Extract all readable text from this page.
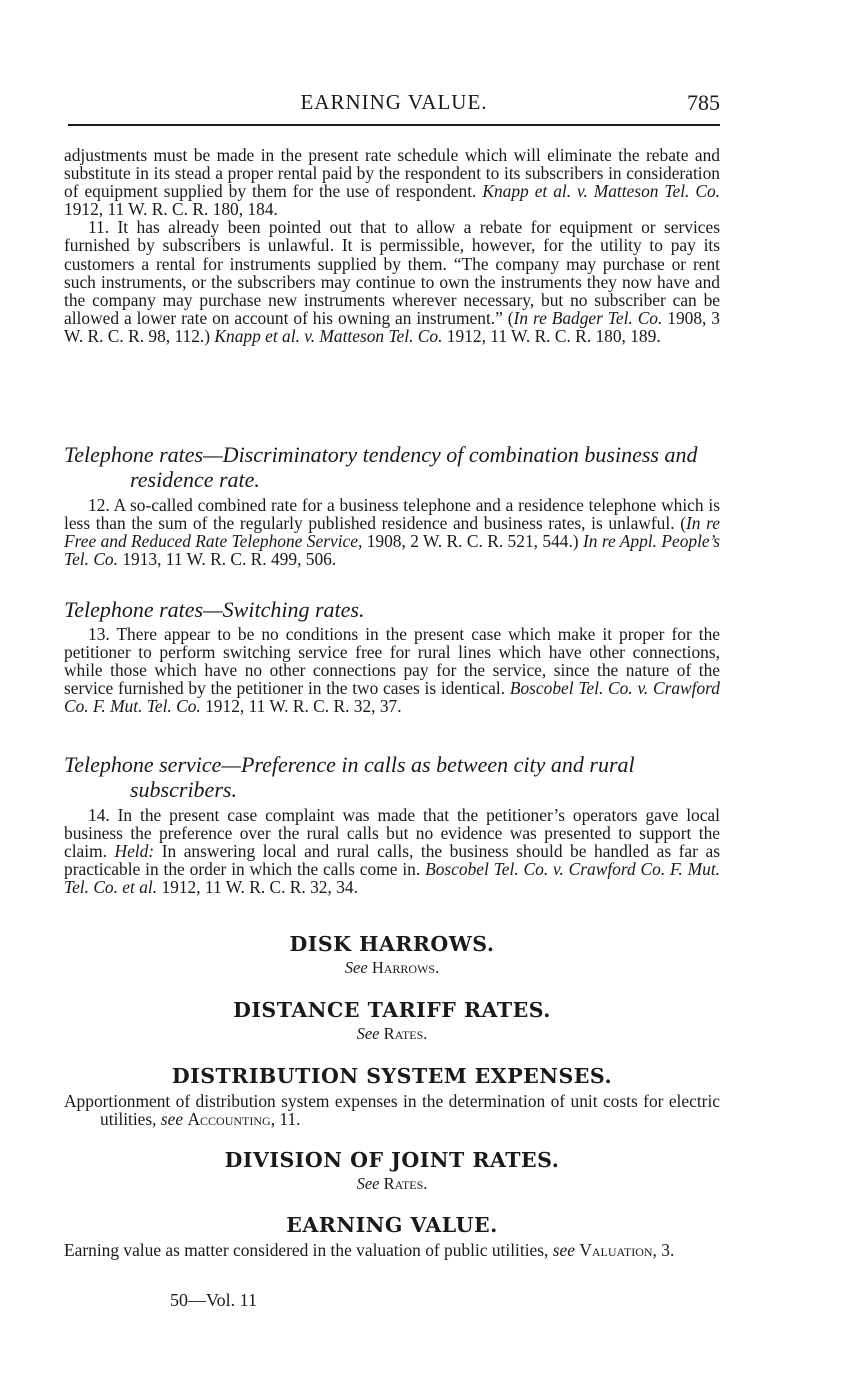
EARNING VALUE.	785

adjustments must be made in the present rate schedule which will eliminate the rebate and substitute in its stead a proper rental paid by the respondent to its subscribers in consideration of equipment supplied by them for the use of respondent. Knapp et al. v. Matteson Tel. Co. 1912, 11 W. R. C. R. 180, 184.

11. It has already been pointed out that to allow a rebate for equipment or services furnished by subscribers is unlawful. It is permissible, however, for the utility to pay its customers a rental for instruments supplied by them. “The company may purchase or rent such instruments, or the subscribers may continue to own the instruments they now have and the company may purchase new instruments wherever necessary, but no subscriber can be allowed a lower rate on account of his owning an instrument.” (In re Badger Tel. Co. 1908, 3 W. R. C. R. 98, 112.) Knapp et al. v. Matteson Tel. Co. 1912, 11 W. R. C. R. 180, 189.

Telephone rates—Discriminatory tendency of combination business and residence rate.

12. A so-called combined rate for a business telephone and a residence telephone which is less than the sum of the regularly published residence and business rates, is unlawful. (In re Free and Reduced Rate Telephone Service, 1908, 2 W. R. C. R. 521, 544.) In re Appl. People’s Tel. Co. 1913, 11 W. R. C. R. 499, 506.

Telephone rates—Switching rates.

13. There appear to be no conditions in the present case which make it proper for the petitioner to perform switching service free for rural lines which have other connections, while those which have no other connections pay for the service, since the nature of the service furnished by the petitioner in the two cases is identical. Boscobel Tel. Co. v. Crawford Co. F. Mut. Tel. Co. 1912, 11 W. R. C. R. 32, 37.

Telephone service—Preference in calls as between city and rural subscribers.

14. In the present case complaint was made that the petitioner’s operators gave local business the preference over the rural calls but no evidence was presented to support the claim. Held: In answering local and rural calls, the business should be handled as far as practicable in the order in which the calls come in. Boscobel Tel. Co. v. Crawford Co. F. Mut. Tel. Co. et al. 1912, 11 W. R. C. R. 32, 34.

DISK HARROWS.
See Harrows.
DISTANCE TARIFF RATES.
See Rates.
DISTRIBUTION SYSTEM EXPENSES.

Apportionment of distribution system expenses in the determination of unit costs for electric utilities, see Accounting, 11.

DIVISION OF JOINT RATES.
See Rates.
EARNING VALUE.

Earning value as matter considered in the valuation of public utilities, see Valuation, 3.

50—Vol. 11
